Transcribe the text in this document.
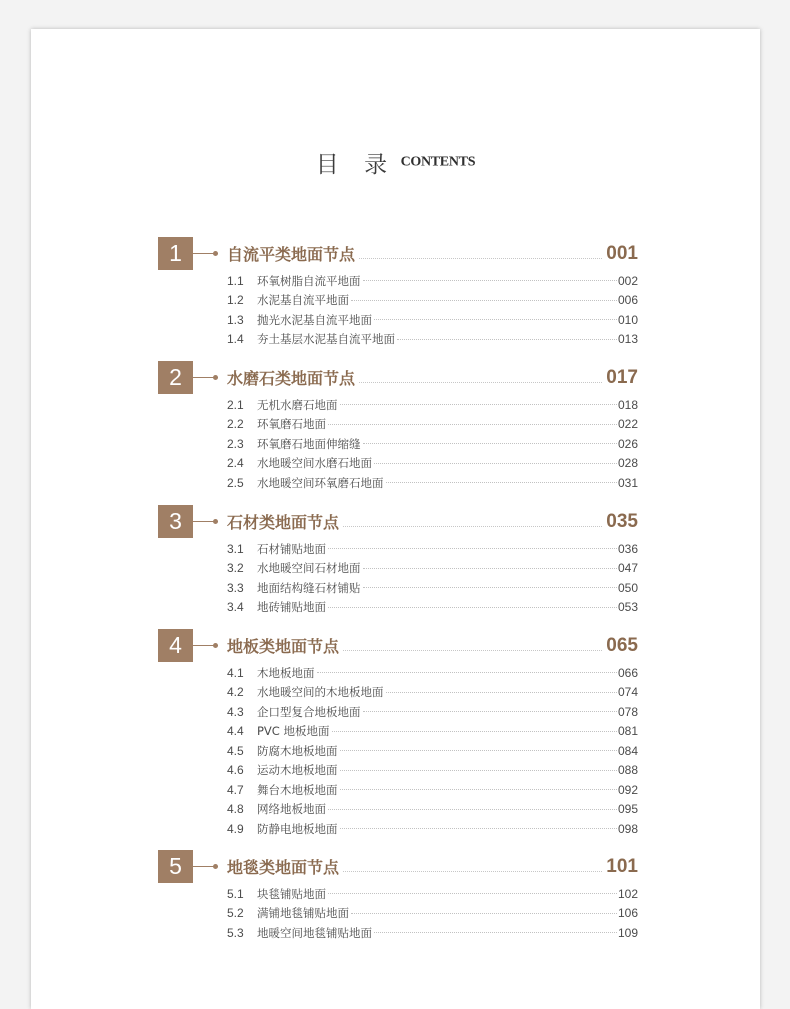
目 录 CONTENTS
1	自流平类地面节点	001
1.1	环氧树脂自流平地面	002
1.2	水泥基自流平地面	006
1.3	抛光水泥基自流平地面	010
1.4	夯土基层水泥基自流平地面	013
2	水磨石类地面节点	017
2.1	无机水磨石地面	018
2.2	环氧磨石地面	022
2.3	环氧磨石地面伸缩缝	026
2.4	水地暖空间水磨石地面	028
2.5	水地暖空间环氧磨石地面	031
3	石材类地面节点	035
3.1	石材铺贴地面	036
3.2	水地暖空间石材地面	047
3.3	地面结构缝石材铺贴	050
3.4	地砖铺贴地面	053
4	地板类地面节点	065
4.1	木地板地面	066
4.2	水地暖空间的木地板地面	074
4.3	企口型复合地板地面	078
4.4	PVC 地板地面	081
4.5	防腐木地板地面	084
4.6	运动木地板地面	088
4.7	舞台木地板地面	092
4.8	网络地板地面	095
4.9	防静电地板地面	098
5	地毯类地面节点	101
5.1	块毯铺贴地面	102
5.2	满铺地毯铺贴地面	106
5.3	地暖空间地毯铺贴地面	109
